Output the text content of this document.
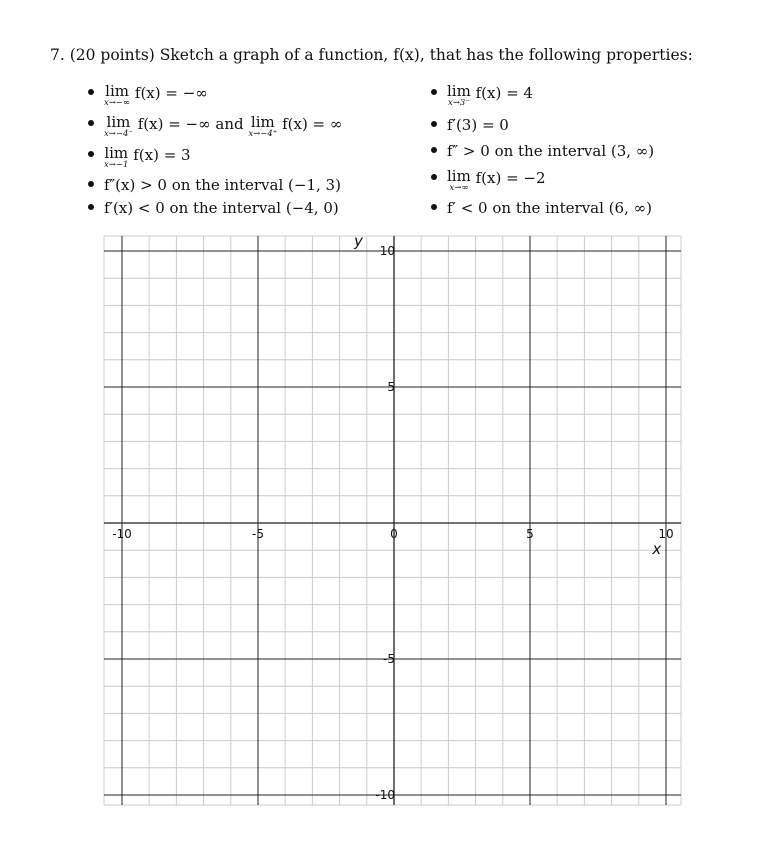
7. (20 points) Sketch a graph of a function, f(x), that has the following properties:
lim
x→−∞
f(x) = −∞
lim
x→−4⁻
f(x) = −∞ and lim
x→−4⁺
f(x) = ∞
lim
x→−1
f(x) = 3
f″(x) > 0 on the interval (−1, 3)
f′(x) < 0 on the interval (−4, 0)
lim
x→3⁻
f(x) = 4
f′(3) = 0
f″ > 0 on the interval (3, ∞)
lim
x→∞
f(x) = −2
f′ < 0 on the interval (6, ∞)
-10	-5	0	5	10
10
5
-5
-10
x
y
